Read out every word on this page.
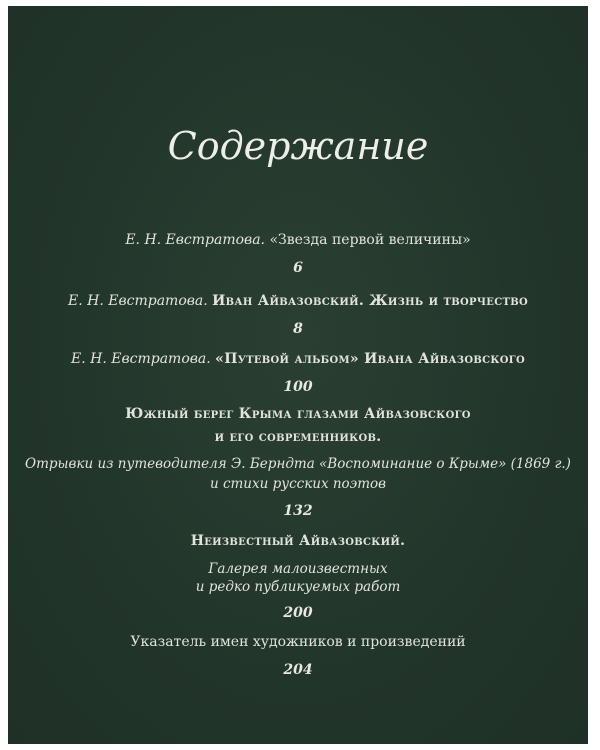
Содержание
Е. Н. Евстратова. «Звезда первой величины»
6
Е. Н. Евстратова. Иван Айвазовский. Жизнь и творчество
8
Е. Н. Евстратова. «Путевой альбом» Ивана Айвазовского
100
Южный берег Крыма глазами Айвазовского
и его современников.
Отрывки из путеводителя Э. Берндта «Воспоминание о Крыме» (1869 г.)
и стихи русских поэтов
132
Неизвестный Айвазовский.
Галерея малоизвестных
и редко публикуемых работ
200
Указатель имен художников и произведений
204
